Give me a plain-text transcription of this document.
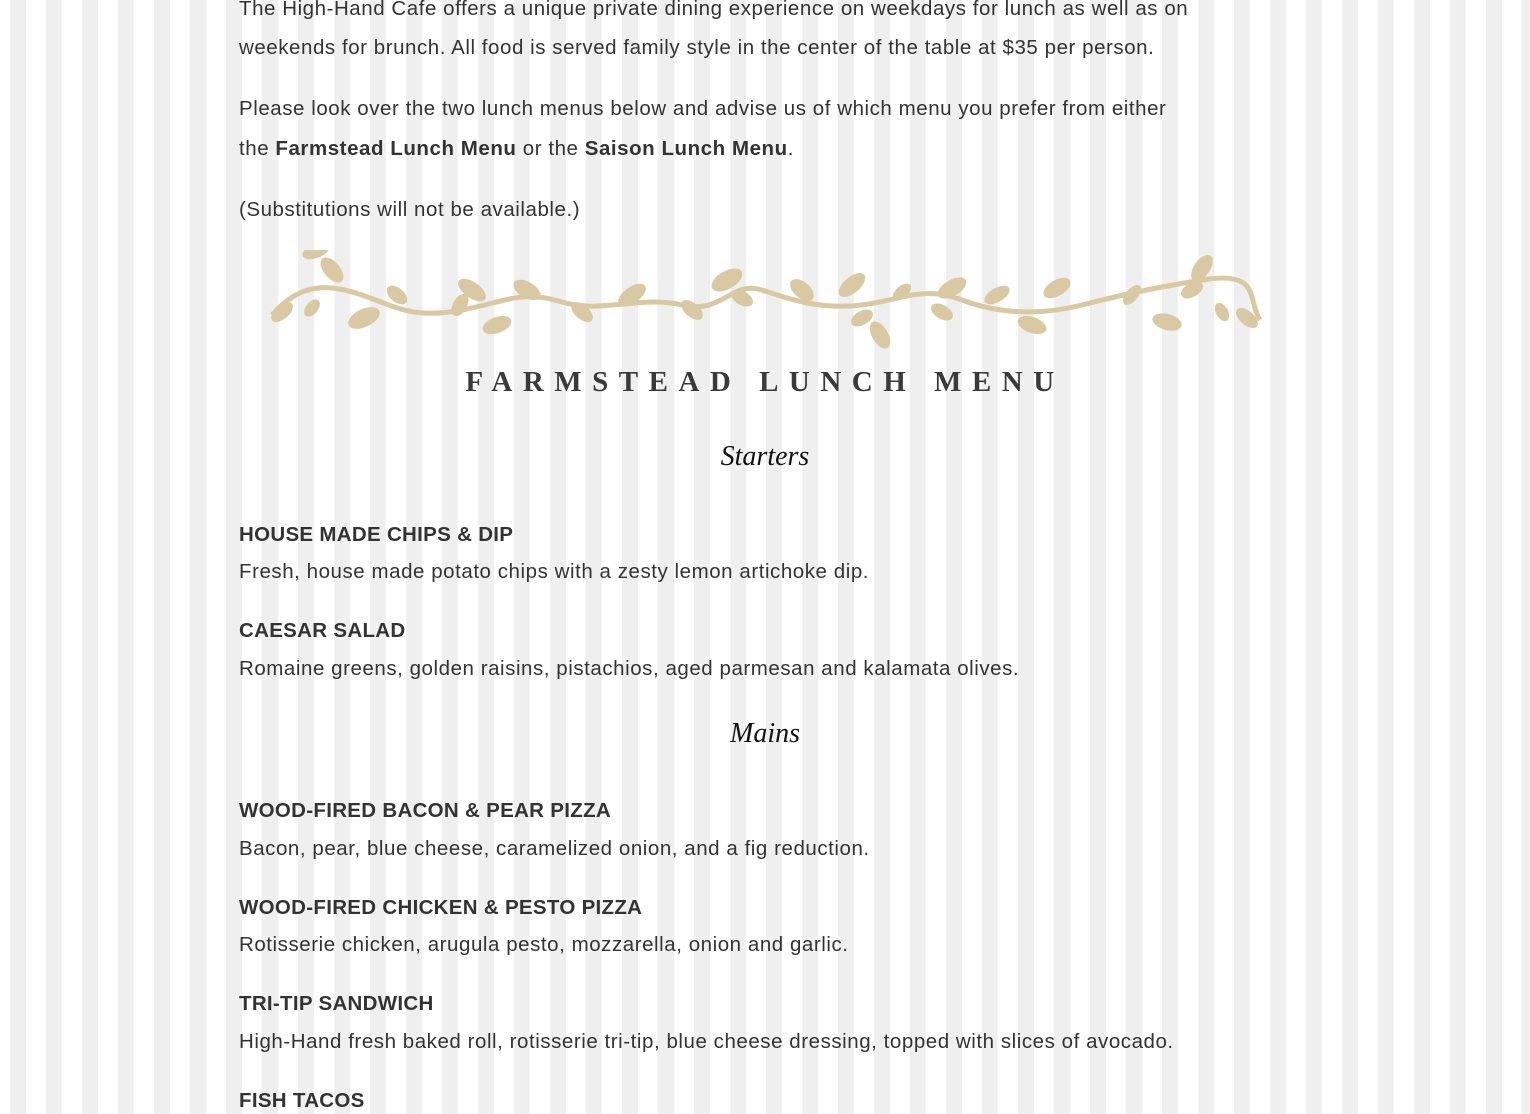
The High-Hand Cafe offers a unique private dining experience on weekdays for lunch as well as on
weekends for brunch. All food is served family style in the center of the table at $35 per person.
Please look over the two lunch menus below and advise us of which menu you prefer from either
the Farmstead Lunch Menu or the Saison Lunch Menu.
(Substitutions will not be available.)
FARMSTEAD LUNCH MENU
Starters
HOUSE MADE CHIPS & DIP
Fresh, house made potato chips with a zesty lemon artichoke dip.
CAESAR SALAD
Romaine greens, golden raisins, pistachios, aged parmesan and kalamata olives.
Mains
WOOD-FIRED BACON & PEAR PIZZA
Bacon, pear, blue cheese, caramelized onion, and a fig reduction.
WOOD-FIRED CHICKEN & PESTO PIZZA
Rotisserie chicken, arugula pesto, mozzarella, onion and garlic.
TRI-TIP SANDWICH
High-Hand fresh baked roll, rotisserie tri-tip, blue cheese dressing, topped with slices of avocado.
FISH TACOS
